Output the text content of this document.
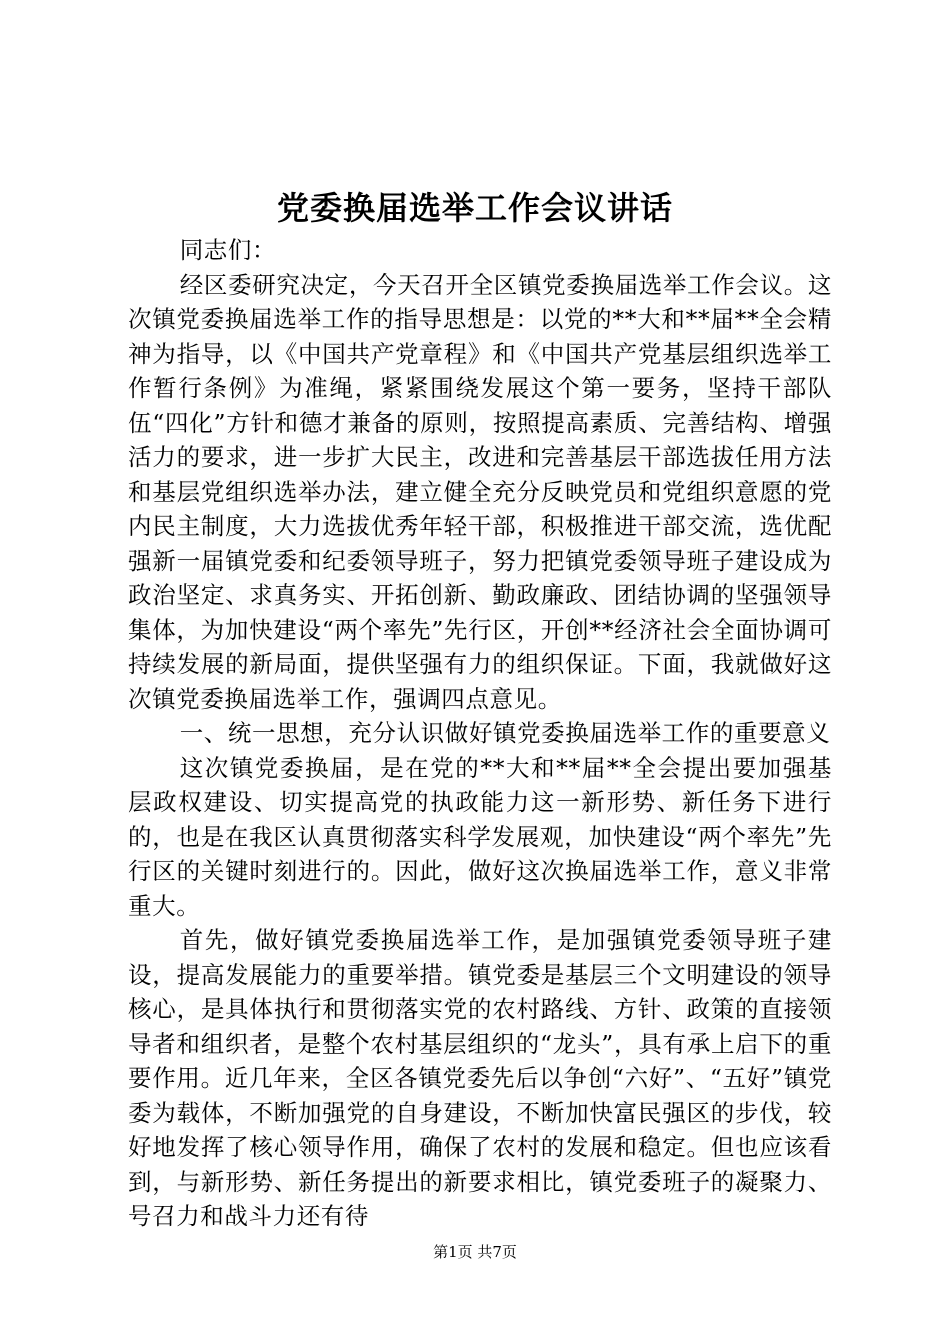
党委换届选举工作会议讲话

同志们：

经区委研究决定，今天召开全区镇党委换届选举工作会议。这次镇党委换届选举工作的指导思想是：以党的**大和**届**全会精神为指导，以《中国共产党章程》和《中国共产党基层组织选举工作暂行条例》为准绳，紧紧围绕发展这个第一要务，坚持干部队伍“四化”方针和德才兼备的原则，按照提高素质、完善结构、增强活力的要求，进一步扩大民主，改进和完善基层干部选拔任用方法和基层党组织选举办法，建立健全充分反映党员和党组织意愿的党内民主制度，大力选拔优秀年轻干部，积极推进干部交流，选优配强新一届镇党委和纪委领导班子，努力把镇党委领导班子建设成为政治坚定、求真务实、开拓创新、勤政廉政、团结协调的坚强领导集体，为加快建设“两个率先”先行区，开创**经济社会全面协调可持续发展的新局面，提供坚强有力的组织保证。下面，我就做好这次镇党委换届选举工作，强调四点意见。

一、统一思想，充分认识做好镇党委换届选举工作的重要意义

这次镇党委换届，是在党的**大和**届**全会提出要加强基层政权建设、切实提高党的执政能力这一新形势、新任务下进行的，也是在我区认真贯彻落实科学发展观，加快建设“两个率先”先行区的关键时刻进行的。因此，做好这次换届选举工作，意义非常重大。

首先，做好镇党委换届选举工作，是加强镇党委领导班子建设，提高发展能力的重要举措。镇党委是基层三个文明建设的领导核心，是具体执行和贯彻落实党的农村路线、方针、政策的直接领导者和组织者，是整个农村基层组织的“龙头”，具有承上启下的重要作用。近几年来，全区各镇党委先后以争创“六好”、“五好”镇党委为载体，不断加强党的自身建设，不断加快富民强区的步伐，较好地发挥了核心领导作用，确保了农村的发展和稳定。但也应该看到，与新形势、新任务提出的新要求相比，镇党委班子的凝聚力、号召力和战斗力还有待

第1页 共7页
